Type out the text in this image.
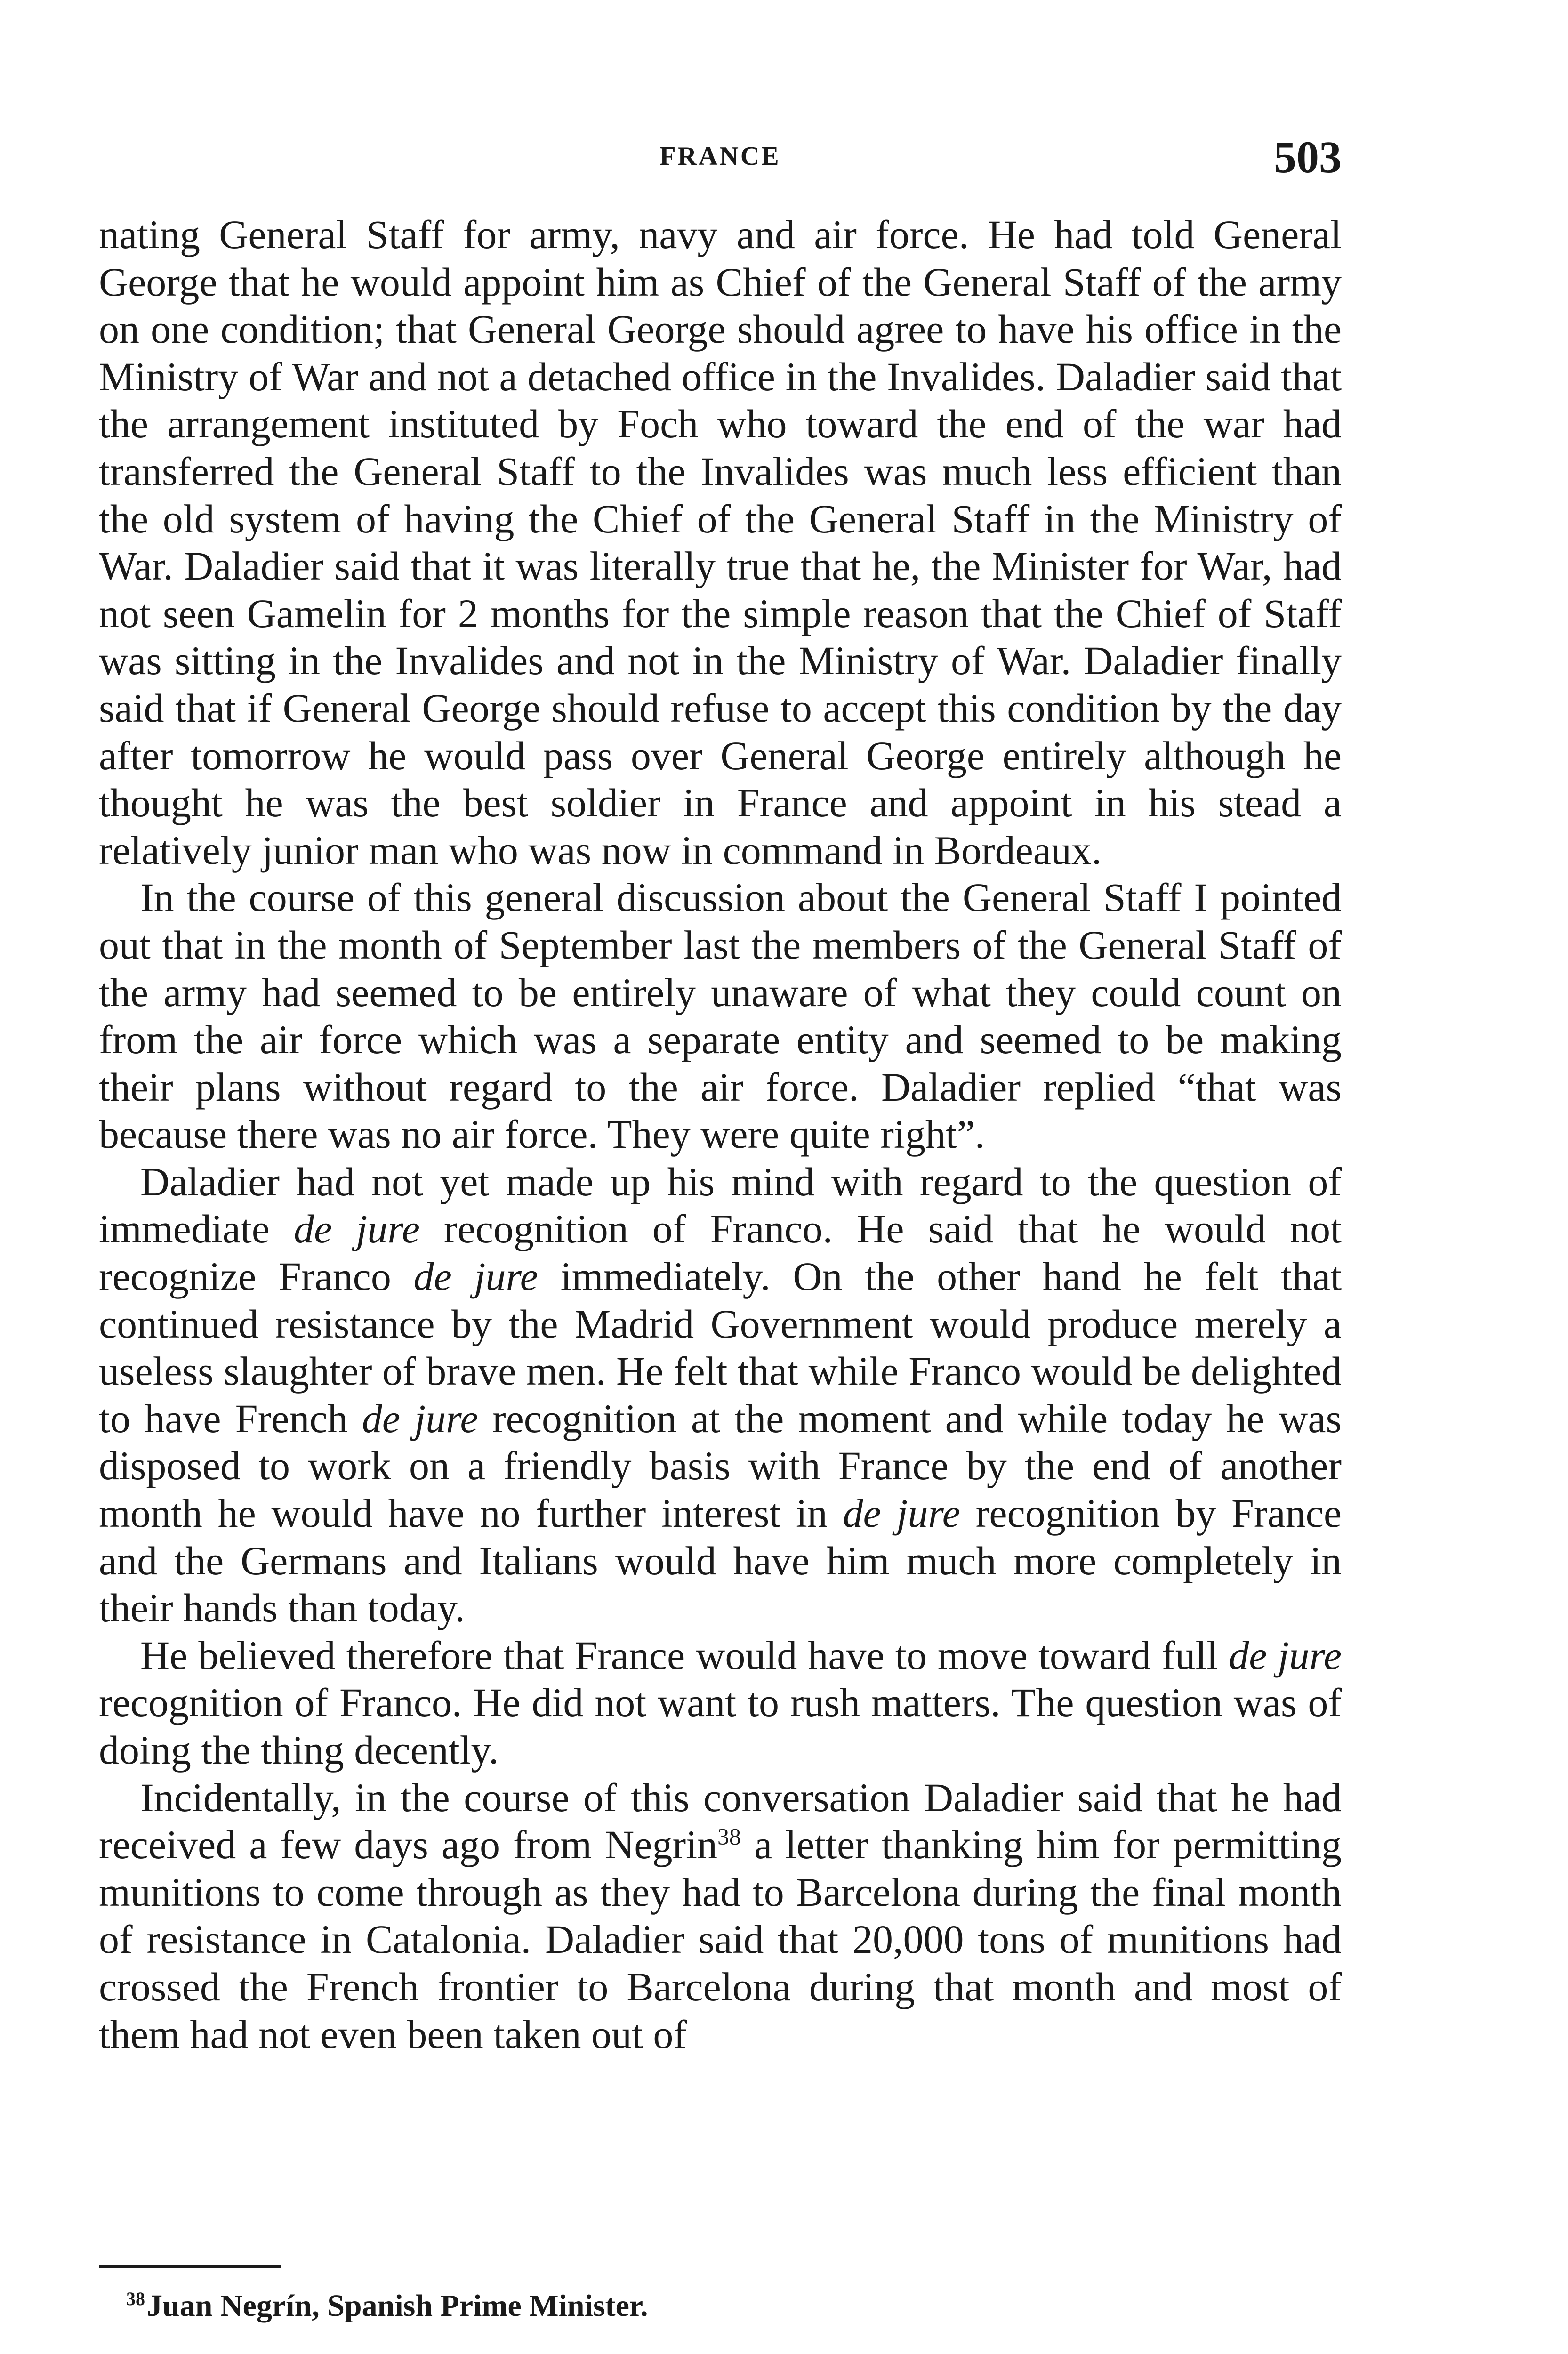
FRANCE	503

nating General Staff for army, navy and air force. He had told General George that he would appoint him as Chief of the General Staff of the army on one condition; that General George should agree to have his office in the Ministry of War and not a detached office in the Invalides. Daladier said that the arrangement instituted by Foch who toward the end of the war had transferred the General Staff to the Invalides was much less efficient than the old system of having the Chief of the General Staff in the Ministry of War. Daladier said that it was literally true that he, the Minister for War, had not seen Gamelin for 2 months for the simple reason that the Chief of Staff was sitting in the Invalides and not in the Ministry of War. Daladier finally said that if General George should refuse to accept this condition by the day after tomorrow he would pass over General George entirely although he thought he was the best soldier in France and appoint in his stead a relatively junior man who was now in command in Bordeaux.

In the course of this general discussion about the General Staff I pointed out that in the month of September last the members of the General Staff of the army had seemed to be entirely unaware of what they could count on from the air force which was a separate entity and seemed to be making their plans without regard to the air force. Daladier replied “that was because there was no air force. They were quite right”.

Daladier had not yet made up his mind with regard to the question of immediate de jure recognition of Franco. He said that he would not recognize Franco de jure immediately. On the other hand he felt that continued resistance by the Madrid Government would produce merely a useless slaughter of brave men. He felt that while Franco would be delighted to have French de jure recognition at the moment and while today he was disposed to work on a friendly basis with France by the end of another month he would have no further interest in de jure recognition by France and the Germans and Italians would have him much more completely in their hands than today.

He believed therefore that France would have to move toward full de jure recognition of Franco. He did not want to rush matters. The question was of doing the thing decently.

Incidentally, in the course of this conversation Daladier said that he had received a few days ago from Negrin$^{38}$ a letter thanking him for permitting munitions to come through as they had to Barcelona during the final month of resistance in Catalonia. Daladier said that 20,000 tons of munitions had crossed the French frontier to Barcelona during that month and most of them had not even been taken out of

$^{38}$Juan Negrín, Spanish Prime Minister.
